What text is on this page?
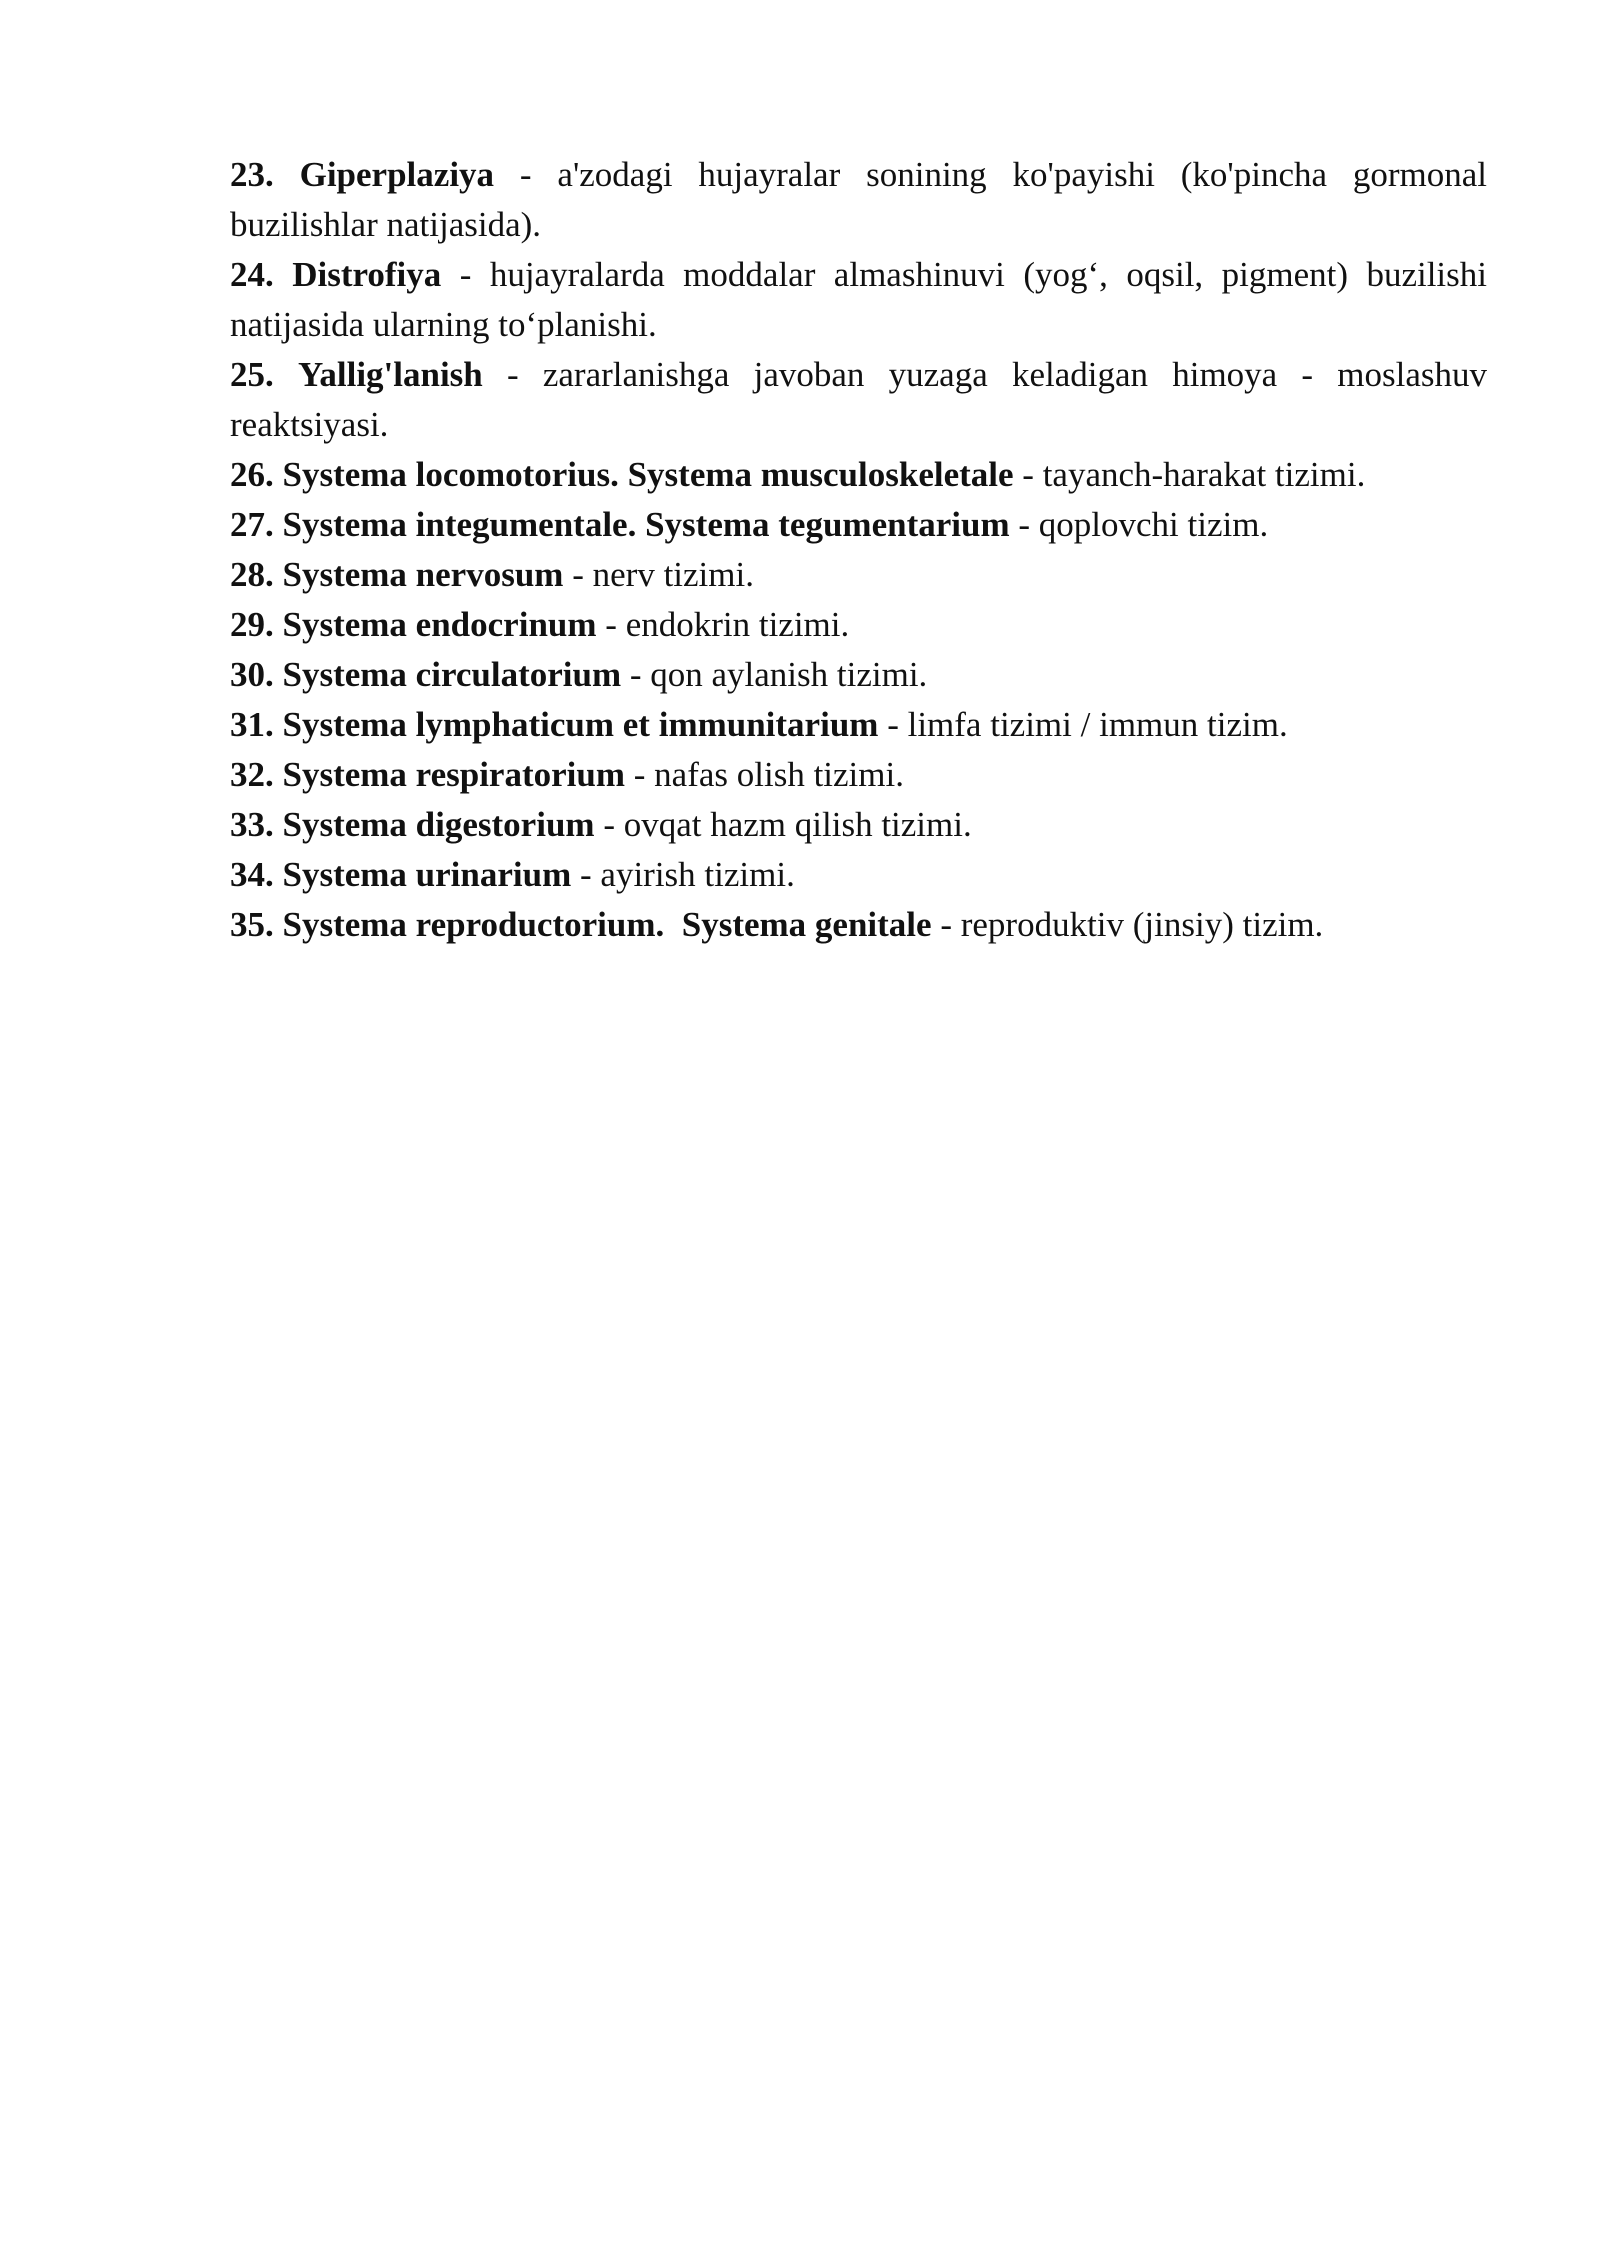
23. Giperplaziya - a'zodagi hujayralar sonining ko'payishi (ko'pincha gormonal buzilishlar natijasida).

24. Distrofiya - hujayralarda moddalar almashinuvi (yog‘, oqsil, pigment) buzilishi natijasida ularning to‘planishi.

25. Yallig'lanish - zararlanishga javoban yuzaga keladigan himoya - moslashuv reaktsiyasi.

26. Systema locomotorius. Systema musculoskeletale - tayanch-harakat tizimi.

27. Systema integumentale. Systema tegumentarium - qoplovchi tizim.

28. Systema nervosum - nerv tizimi.

29. Systema endocrinum - endokrin tizimi.

30. Systema circulatorium - qon aylanish tizimi.

31. Systema lymphaticum et immunitarium - limfa tizimi / immun tizim.

32. Systema respiratorium - nafas olish tizimi.

33. Systema digestorium - ovqat hazm qilish tizimi.

34. Systema urinarium - ayirish tizimi.

35. Systema reproductorium.  Systema genitale - reproduktiv (jinsiy) tizim.
